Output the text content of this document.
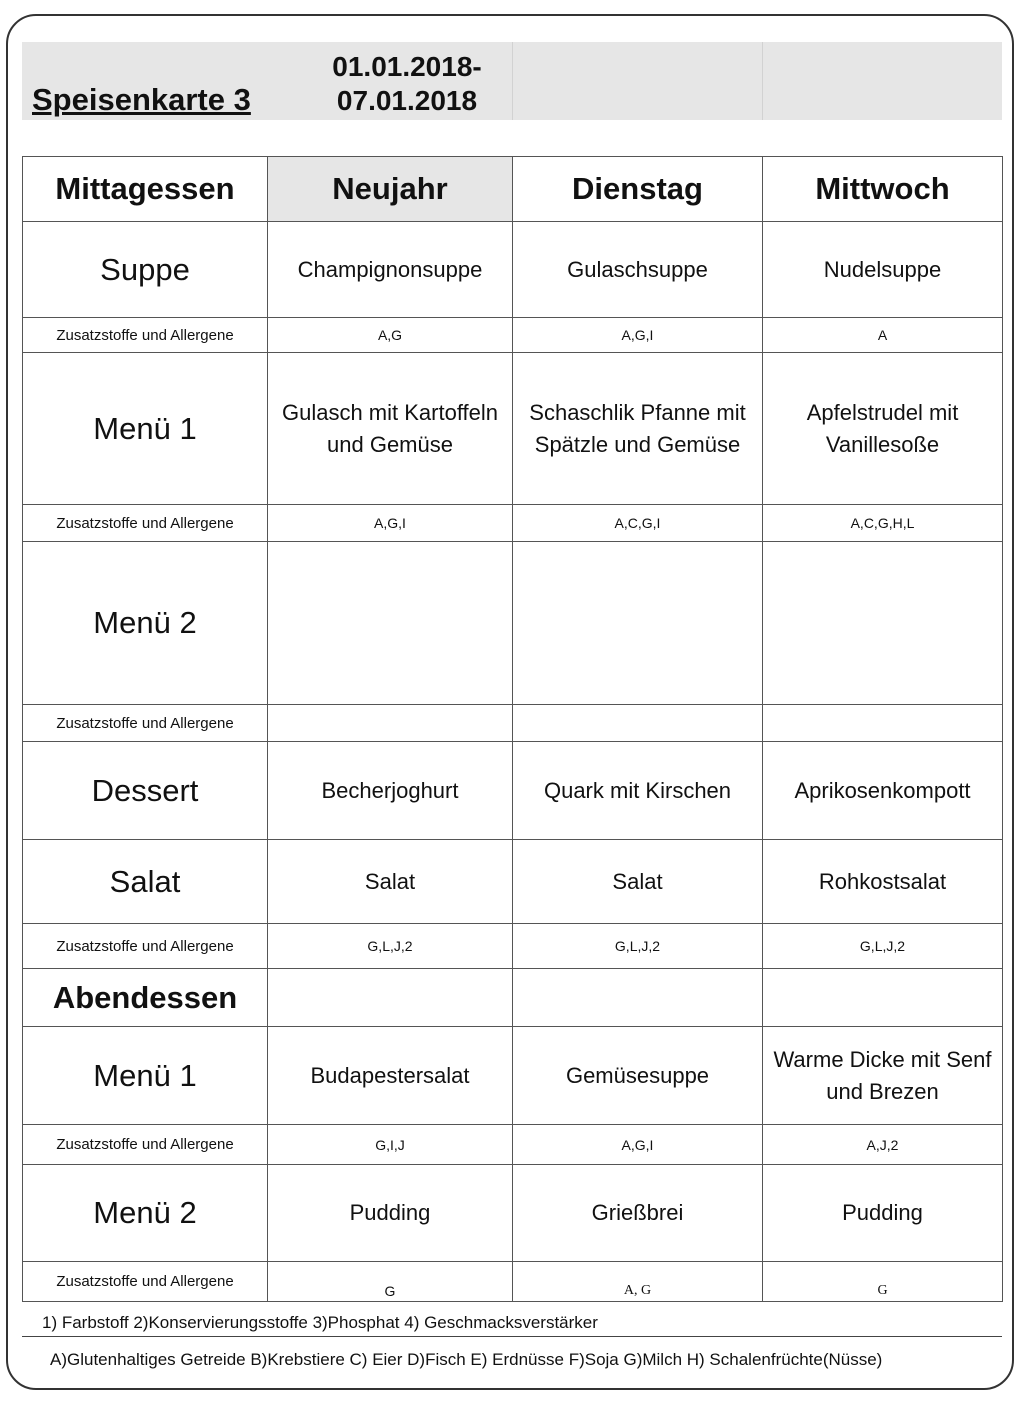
Speisenkarte 3
01.01.2018-
07.01.2018
Mittagessen	Neujahr	Dienstag	Mittwoch
Suppe	Champignonsuppe	Gulaschsuppe	Nudelsuppe
Zusatzstoffe und Allergene	A,G	A,G,I	A
Menü 1	Gulasch mit Kartoffeln und Gemüse	Schaschlik Pfanne mit Spätzle und Gemüse	Apfelstrudel mit Vanillesoße
Zusatzstoffe und Allergene	A,G,I	A,C,G,I	A,C,G,H,L
Menü 2			
Zusatzstoffe und Allergene			
Dessert	Becherjoghurt	Quark mit Kirschen	Aprikosenkompott
Salat	Salat	Salat	Rohkostsalat
Zusatzstoffe und Allergene	G,L,J,2	G,L,J,2	G,L,J,2
Abendessen			
Menü 1	Budapestersalat	Gemüsesuppe	Warme Dicke mit Senf und Brezen
Zusatzstoffe und Allergene	G,I,J	A,G,I	A,J,2
Menü 2	Pudding	Grießbrei	Pudding
Zusatzstoffe und Allergene	G	A, G	G
1) Farbstoff 2)Konservierungsstoffe 3)Phosphat 4) Geschmacksverstärker
A)Glutenhaltiges Getreide B)Krebstiere C) Eier D)Fisch E) Erdnüsse F)Soja G)Milch H) Schalenfrüchte(Nüsse)
